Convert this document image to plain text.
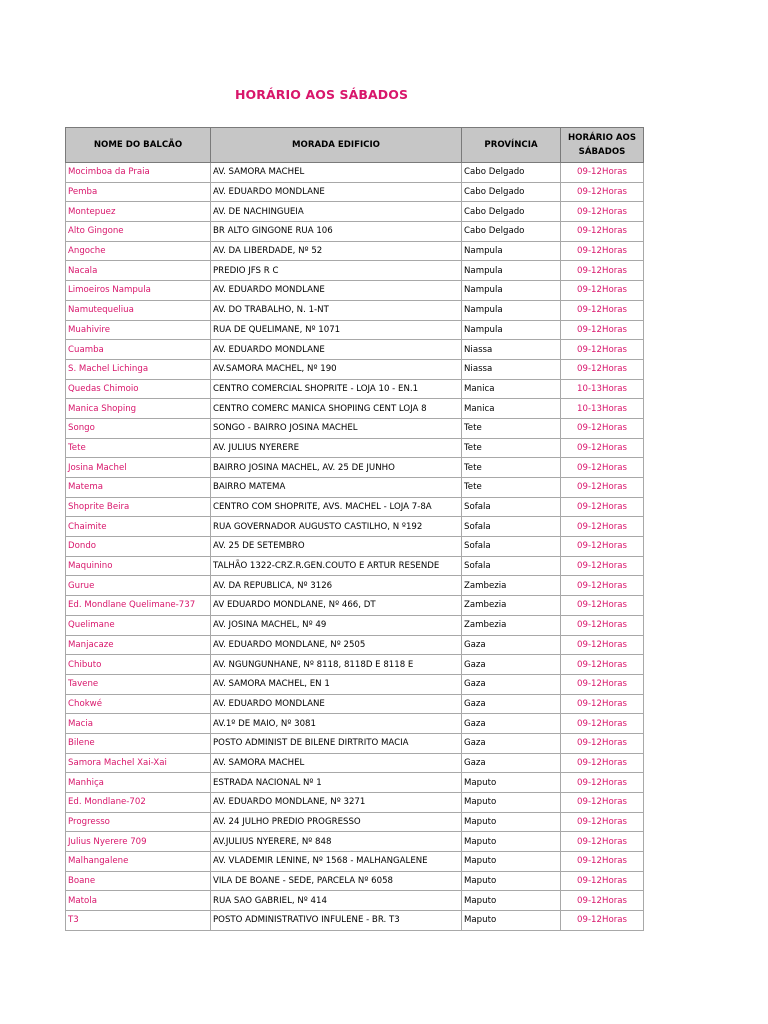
HORÁRIO AOS SÁBADOS
NOME DO BALCÃO	MORADA EDIFICIO	PROVÍNCIA	HORÁRIO AOS SÁBADOS
Mocimboa da Praia	AV. SAMORA MACHEL	Cabo Delgado	09-12Horas
Pemba	AV. EDUARDO MONDLANE	Cabo Delgado	09-12Horas
Montepuez	AV. DE NACHINGUEIA	Cabo Delgado	09-12Horas
Alto Gingone	BR ALTO GINGONE RUA 106	Cabo Delgado	09-12Horas
Angoche	AV. DA LIBERDADE, Nº 52	Nampula	09-12Horas
Nacala	PREDIO JFS R C	Nampula	09-12Horas
Limoeiros Nampula	AV. EDUARDO MONDLANE	Nampula	09-12Horas
Namutequeliua	AV. DO TRABALHO, N. 1-NT	Nampula	09-12Horas
Muahivire	RUA DE QUELIMANE, Nº 1071	Nampula	09-12Horas
Cuamba	AV. EDUARDO MONDLANE	Niassa	09-12Horas
S. Machel Lichinga	AV.SAMORA MACHEL, Nº 190	Niassa	09-12Horas
Quedas Chimoio	CENTRO COMERCIAL SHOPRITE - LOJA 10 - EN.1	Manica	10-13Horas
Manica Shoping	CENTRO COMERC MANICA SHOPIING CENT LOJA 8	Manica	10-13Horas
Songo	SONGO - BAIRRO JOSINA MACHEL	Tete	09-12Horas
Tete	AV. JULIUS NYERERE	Tete	09-12Horas
Josina Machel	BAIRRO JOSINA MACHEL, AV. 25 DE JUNHO	Tete	09-12Horas
Matema	BAIRRO MATEMA	Tete	09-12Horas
Shoprite Beira	CENTRO COM SHOPRITE, AVS. MACHEL - LOJA 7-8A	Sofala	09-12Horas
Chaimite	RUA GOVERNADOR AUGUSTO CASTILHO, N º192	Sofala	09-12Horas
Dondo	AV. 25 DE SETEMBRO	Sofala	09-12Horas
Maquinino	TALHÃO 1322-CRZ.R.GEN.COUTO E ARTUR RESENDE	Sofala	09-12Horas
Gurue	AV. DA REPUBLICA, Nº 3126	Zambezia	09-12Horas
Ed. Mondlane Quelimane-737	AV EDUARDO MONDLANE, Nº 466, DT	Zambezia	09-12Horas
Quelimane	AV. JOSINA MACHEL, Nº 49	Zambezia	09-12Horas
Manjacaze	AV. EDUARDO MONDLANE, Nº 2505	Gaza	09-12Horas
Chibuto	AV. NGUNGUNHANE, Nº 8118, 8118D E 8118 E	Gaza	09-12Horas
Tavene	AV. SAMORA MACHEL, EN 1	Gaza	09-12Horas
Chokwé	AV. EDUARDO MONDLANE	Gaza	09-12Horas
Macia	AV.1º DE MAIO, Nº 3081	Gaza	09-12Horas
Bilene	POSTO ADMINIST DE BILENE DIRTRITO MACIA	Gaza	09-12Horas
Samora Machel Xai-Xai	AV. SAMORA MACHEL	Gaza	09-12Horas
Manhiça	ESTRADA NACIONAL Nº 1	Maputo	09-12Horas
Ed. Mondlane-702	AV. EDUARDO MONDLANE, Nº 3271	Maputo	09-12Horas
Progresso	AV. 24 JULHO PREDIO PROGRESSO	Maputo	09-12Horas
Julius Nyerere 709	AV.JULIUS NYERERE, Nº 848	Maputo	09-12Horas
Malhangalene	AV. VLADEMIR LENINE, Nº 1568 - MALHANGALENE	Maputo	09-12Horas
Boane	VILA DE BOANE - SEDE, PARCELA Nº 6058	Maputo	09-12Horas
Matola	RUA SAO GABRIEL, Nº 414	Maputo	09-12Horas
T3	POSTO ADMINISTRATIVO INFULENE - BR. T3	Maputo	09-12Horas
